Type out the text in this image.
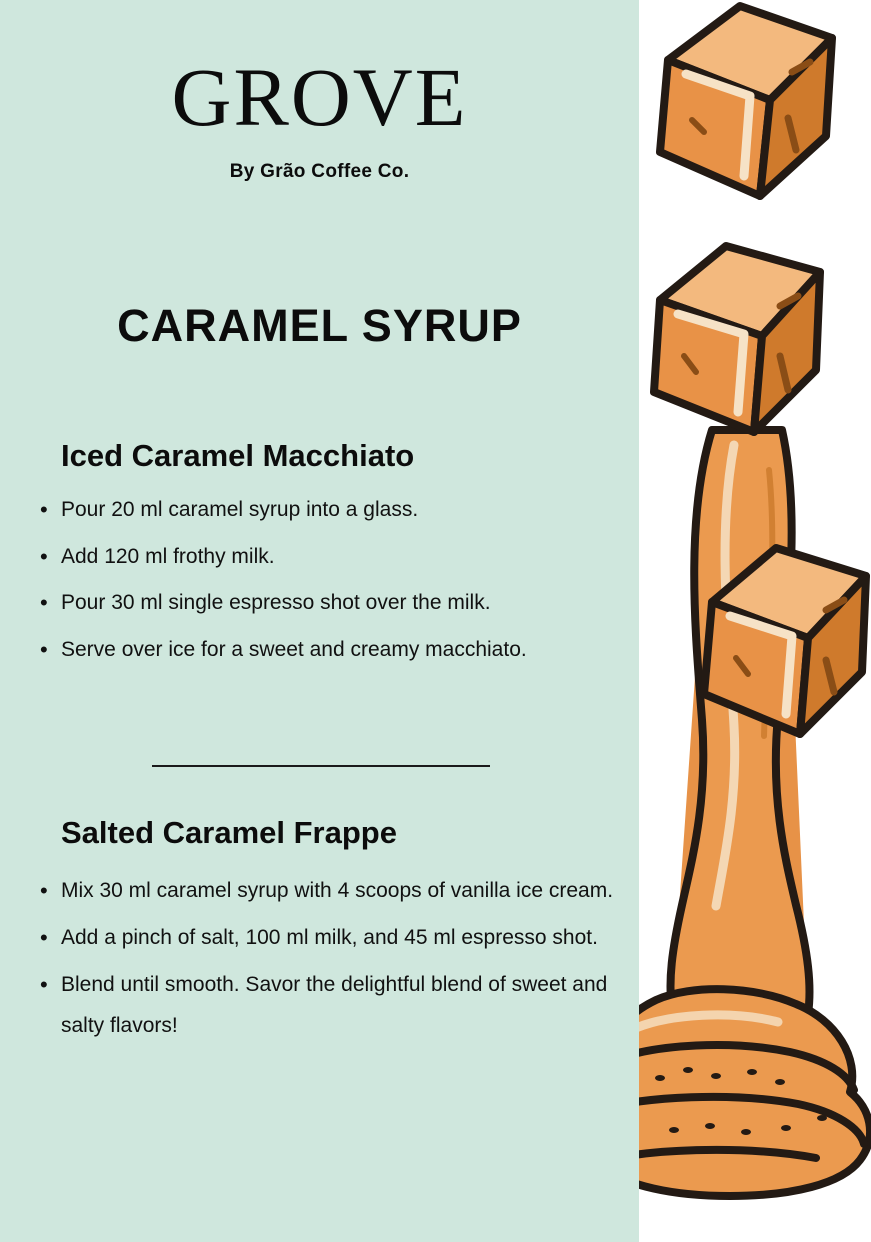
GROVE
By Grão Coffee Co.
CARAMEL SYRUP
Iced Caramel Macchiato
• Pour 20 ml caramel syrup into a glass.
• Add 120 ml frothy milk.
• Pour 30 ml single espresso shot over the milk.
• Serve over ice for a sweet and creamy macchiato.
Salted Caramel Frappe
• Mix 30 ml caramel syrup with 4 scoops of vanilla ice cream.
• Add a pinch of salt, 100 ml milk, and 45 ml espresso shot.
• Blend until smooth. Savor the delightful blend of sweet and salty flavors!
